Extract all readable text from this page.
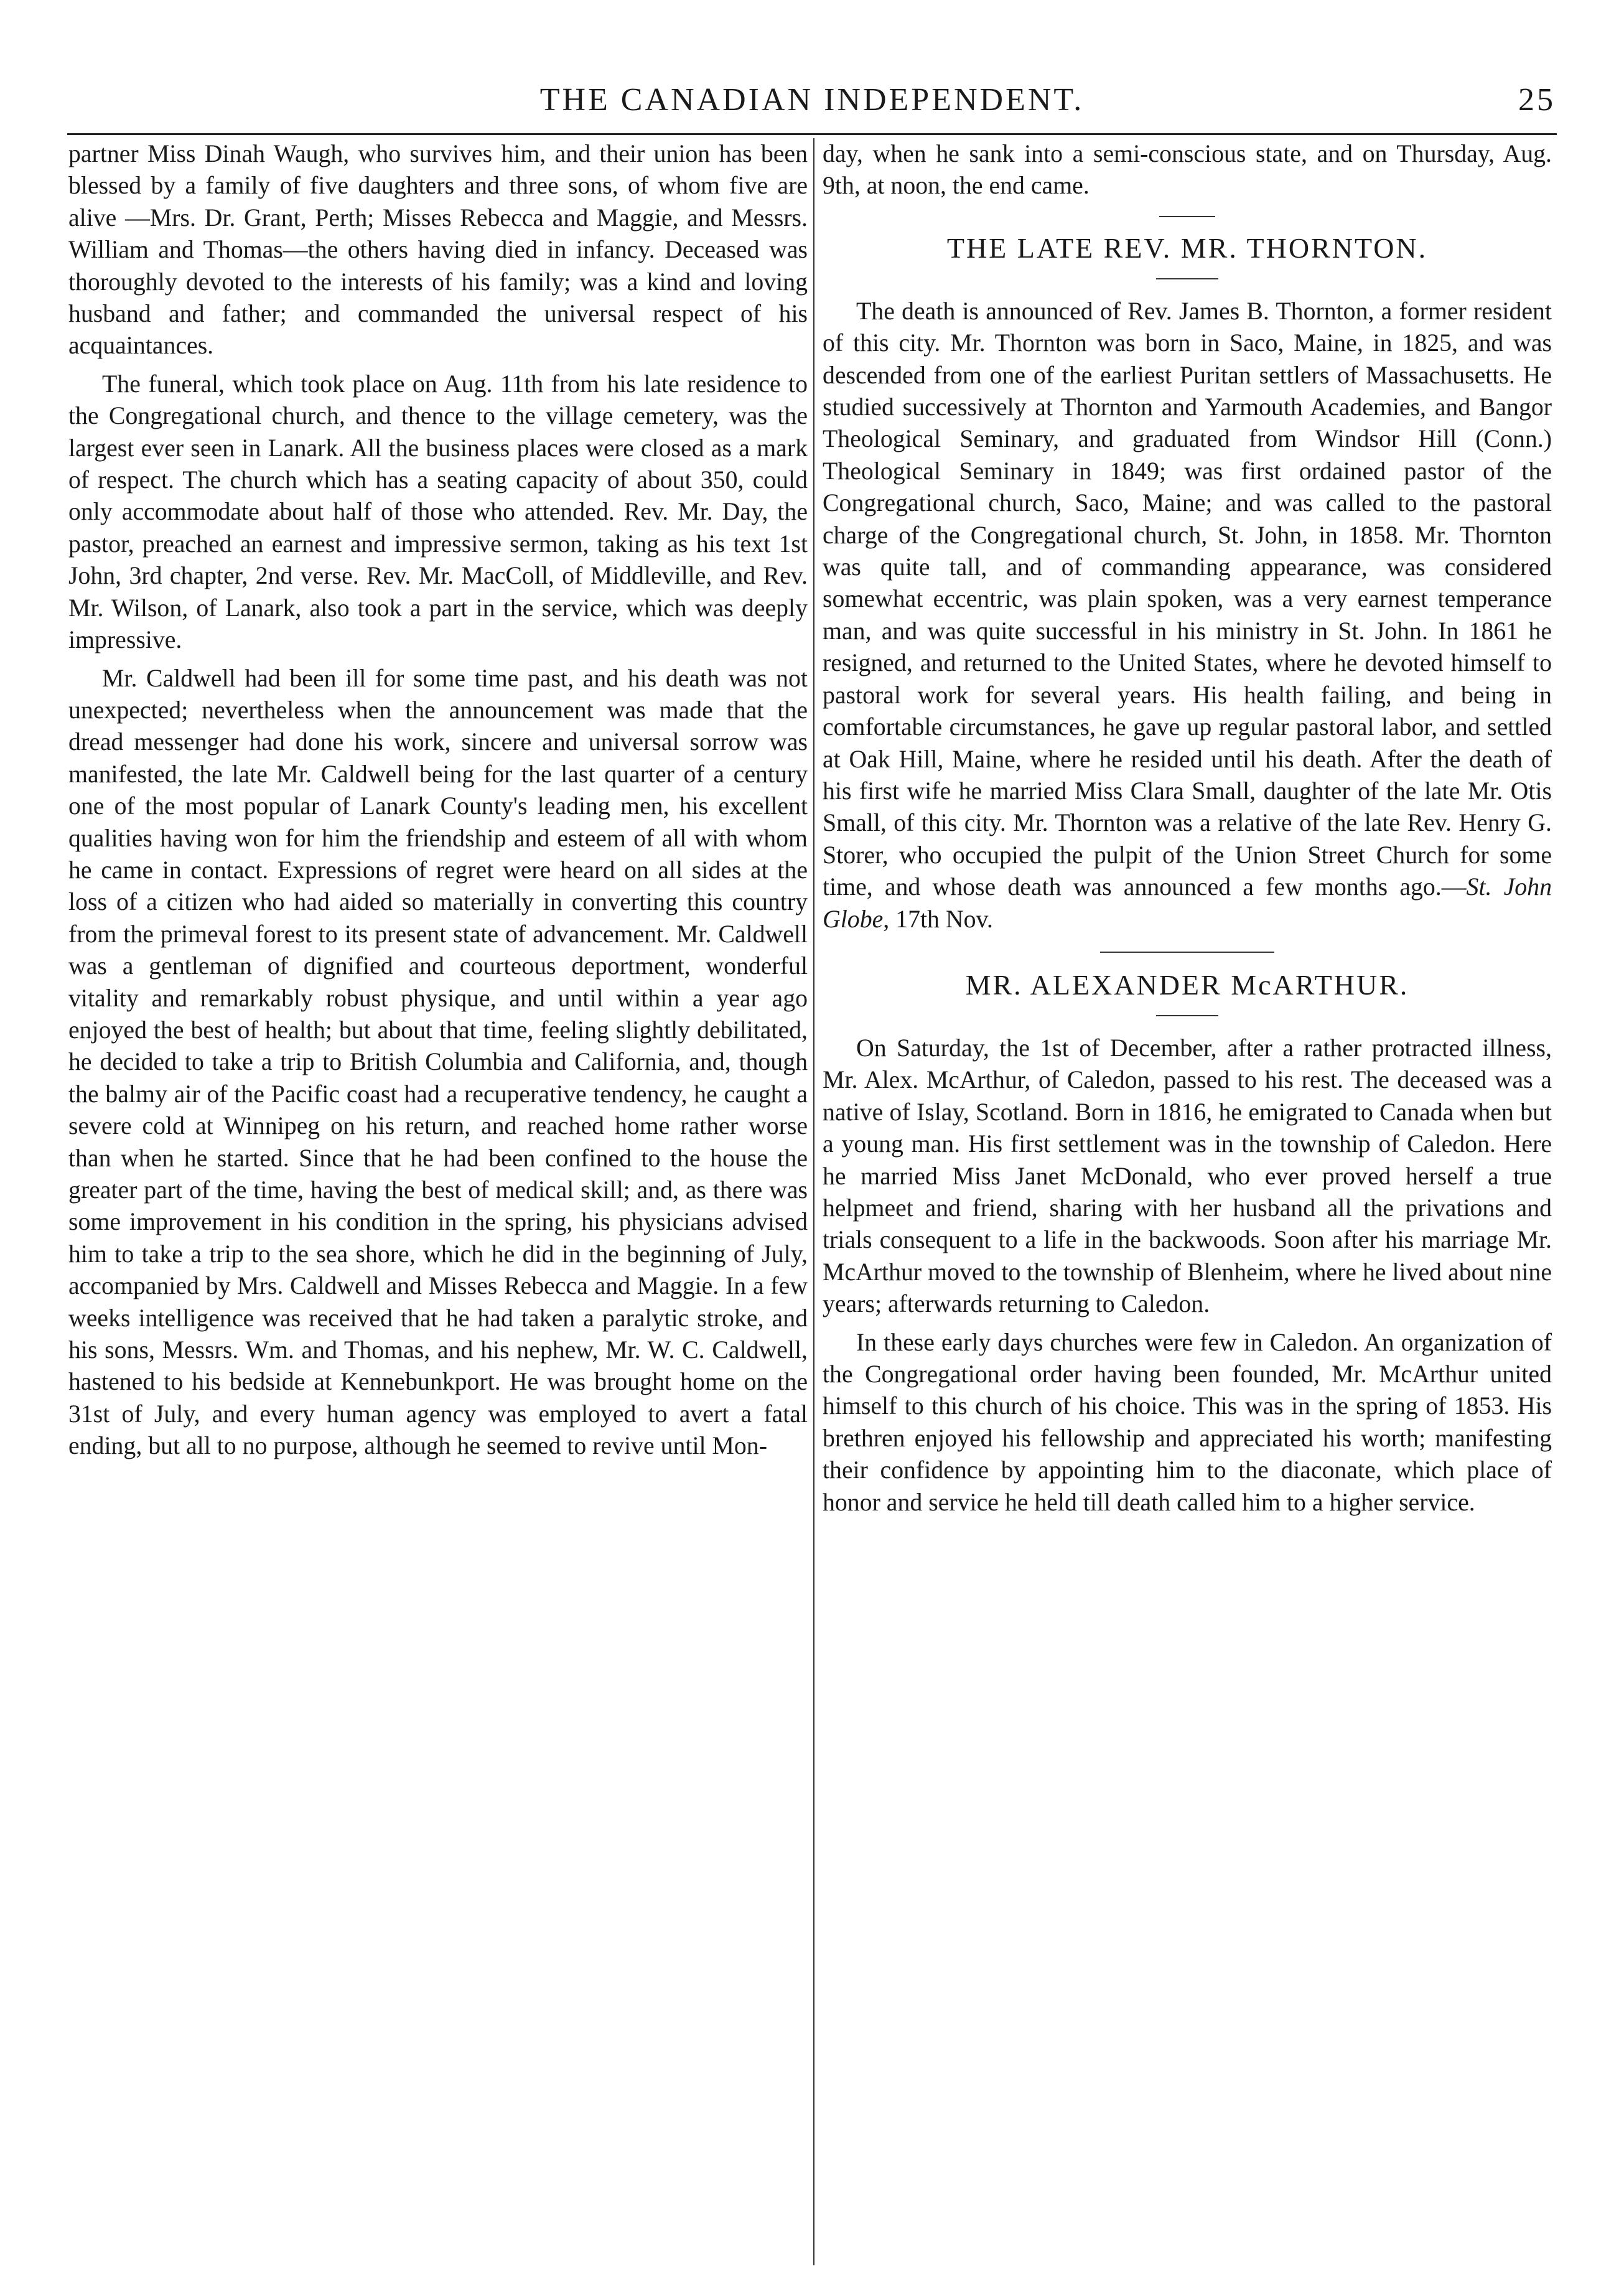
THE CANADIAN INDEPENDENT.	25

partner Miss Dinah Waugh, who survives him, and their union has been blessed by a family of five daughters and three sons, of whom five are alive —Mrs. Dr. Grant, Perth; Misses Rebecca and Maggie, and Messrs. William and Thomas—the others having died in infancy. Deceased was thoroughly devoted to the interests of his family; was a kind and loving husband and father; and commanded the universal respect of his acquaintances.

The funeral, which took place on Aug. 11th from his late residence to the Congregational church, and thence to the village cemetery, was the largest ever seen in Lanark. All the business places were closed as a mark of respect. The church which has a seating capacity of about 350, could only accommodate about half of those who attended. Rev. Mr. Day, the pastor, preached an earnest and impressive sermon, taking as his text 1st John, 3rd chapter, 2nd verse. Rev. Mr. MacColl, of Middleville, and Rev. Mr. Wilson, of Lanark, also took a part in the service, which was deeply impressive.

Mr. Caldwell had been ill for some time past, and his death was not unexpected; nevertheless when the announcement was made that the dread messenger had done his work, sincere and universal sorrow was manifested, the late Mr. Caldwell being for the last quarter of a century one of the most popular of Lanark County's leading men, his excellent qualities having won for him the friendship and esteem of all with whom he came in contact. Expressions of regret were heard on all sides at the loss of a citizen who had aided so materially in converting this country from the primeval forest to its present state of advancement. Mr. Caldwell was a gentleman of dignified and courteous deportment, wonderful vitality and remarkably robust physique, and until within a year ago enjoyed the best of health; but about that time, feeling slightly debilitated, he decided to take a trip to British Columbia and California, and, though the balmy air of the Pacific coast had a recuperative tendency, he caught a severe cold at Winnipeg on his return, and reached home rather worse than when he started. Since that he had been confined to the house the greater part of the time, having the best of medical skill; and, as there was some improvement in his condition in the spring, his physicians advised him to take a trip to the sea shore, which he did in the beginning of July, accompanied by Mrs. Caldwell and Misses Rebecca and Maggie. In a few weeks intelligence was received that he had taken a paralytic stroke, and his sons, Messrs. Wm. and Thomas, and his nephew, Mr. W. C. Caldwell, hastened to his bedside at Kennebunkport. He was brought home on the 31st of July, and every human agency was employed to avert a fatal ending, but all to no purpose, although he seemed to revive until Mon-

day, when he sank into a semi-conscious state, and on Thursday, Aug. 9th, at noon, the end came.

THE LATE REV. MR. THORNTON.

The death is announced of Rev. James B. Thornton, a former resident of this city. Mr. Thornton was born in Saco, Maine, in 1825, and was descended from one of the earliest Puritan settlers of Massachusetts. He studied successively at Thornton and Yarmouth Academies, and Bangor Theological Seminary, and graduated from Windsor Hill (Conn.) Theological Seminary in 1849; was first ordained pastor of the Congregational church, Saco, Maine; and was called to the pastoral charge of the Congregational church, St. John, in 1858. Mr. Thornton was quite tall, and of commanding appearance, was considered somewhat eccentric, was plain spoken, was a very earnest temperance man, and was quite successful in his ministry in St. John. In 1861 he resigned, and returned to the United States, where he devoted himself to pastoral work for several years. His health failing, and being in comfortable circumstances, he gave up regular pastoral labor, and settled at Oak Hill, Maine, where he resided until his death. After the death of his first wife he married Miss Clara Small, daughter of the late Mr. Otis Small, of this city. Mr. Thornton was a relative of the late Rev. Henry G. Storer, who occupied the pulpit of the Union Street Church for some time, and whose death was announced a few months ago.—St. John Globe, 17th Nov.

MR. ALEXANDER McARTHUR.

On Saturday, the 1st of December, after a rather protracted illness, Mr. Alex. McArthur, of Caledon, passed to his rest. The deceased was a native of Islay, Scotland. Born in 1816, he emigrated to Canada when but a young man. His first settlement was in the township of Caledon. Here he married Miss Janet McDonald, who ever proved herself a true helpmeet and friend, sharing with her husband all the privations and trials consequent to a life in the backwoods. Soon after his marriage Mr. McArthur moved to the township of Blenheim, where he lived about nine years; afterwards returning to Caledon.

In these early days churches were few in Caledon. An organization of the Congregational order having been founded, Mr. McArthur united himself to this church of his choice. This was in the spring of 1853. His brethren enjoyed his fellowship and appreciated his worth; manifesting their confidence by appointing him to the diaconate, which place of honor and service he held till death called him to a higher service.
